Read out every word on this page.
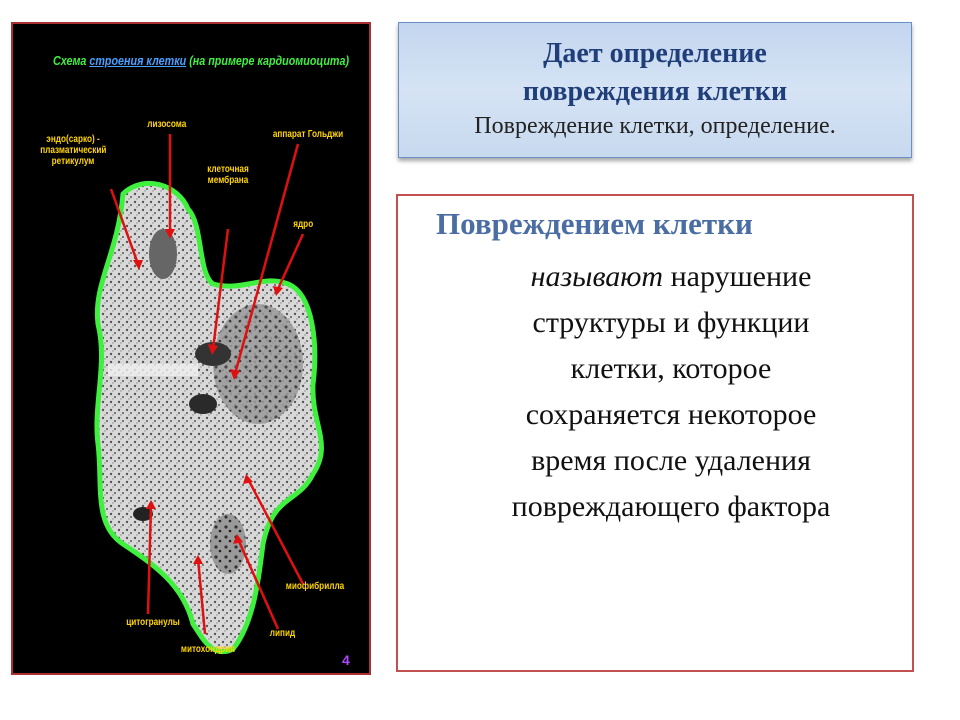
Схема строения клетки (на примере кардиомиоцита)
лизосома
эндо(сарко) -
плазматический
ретикулум
клеточная
мембрана
аппарат Гольджи
ядро
миофибрилла
цитогранулы
липид
митохондрия
4
Дает определение
повреждения клетки
Повреждение клетки, определение.
Повреждением клетки
называют нарушение
структуры и функции
клетки, которое
сохраняется некоторое
время после удаления
повреждающего фактора
